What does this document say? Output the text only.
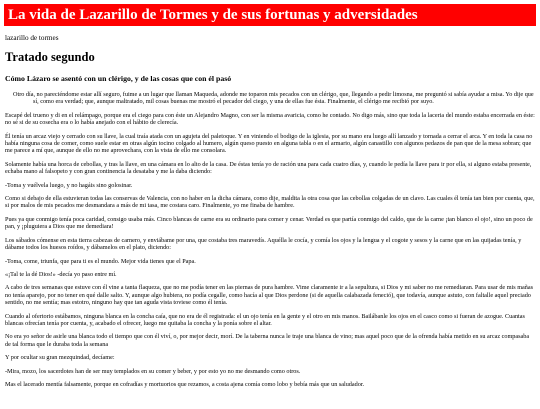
La vida de Lazarillo de Tormes y de sus fortunas y adversidades
lazarillo de tormes
Tratado segundo
Cómo Lázaro se asentó con un clérigo, y de las cosas que con él pasó

Otro día, no pareciéndome estar allí seguro, fuime a un lugar que llaman Maqueda, adonde me toparon mis pecados con un clérigo, que, llegando a pedir limosna, me preguntó si sabía ayudar a misa. Yo dije que sí, como era verdad; que, aunque maltratado, mil cosas buenas me mostró el pecador del ciego, y una de ellas fue ésta. Finalmente, el clérigo me recibió por suyo.

Escapé del trueno y di en el relámpago, porque era el ciego para con éste un Alejandro Magno, con ser la misma avaricia, como he contado. No digo más, sino que toda la laceria del mundo estaba encerrada en éste: no sé si de su cosecha era o lo había anejado con el hábito de clerecía.

Él tenía un arcaz viejo y cerrado con su llave, la cual traía atada con un agujeta del paletoque. Y en viniendo el bodigo de la iglesia, por su mano era luego allí lanzado y tornada a cerrar el arca. Y en toda la casa no había ninguna cosa de comer, como suele estar en otras algún tocino colgado al humero, algún queso puesto en alguna tabla o en el armario, algún canastillo con algunos pedazos de pan que de la mesa sobran; que me parece a mí que, aunque de ello no me aprovechara, con la vista de ello me consolara.

Solamente había una horca de cebollas, y tras la llave, en una cámara en lo alto de la casa. De éstas tenía yo de ración una para cada cuatro días, y, cuando le pedía la llave para ir por ella, si alguno estaba presente, echaba mano al falsopeto y con gran continencia la desataba y me la daba diciendo:

-Toma y vuélvela luego, y no hagáis sino golosinar.

Como si debajo de ella estuvieran todas las conservas de Valencia, con no haber en la dicha cámara, como dije, maldita la otra cosa que las cebollas colgadas de un clavo. Las cuales él tenía tan bien por cuenta, que, si por malos de mis pecados me desmandara a más de mi tasa, me costara caro. Finalmente, yo me finaba de hambre.

Pues ya que conmigo tenía poca caridad, consigo usaba más. Cinco blancas de carne era su ordinario para comer y cenar. Verdad es que partía conmigo del caldo, que de la carne ¡tan blanco el ojo!, sino un poco de pan, y ¡pluguiera a Dios que me demediara!

Los sábados cómense en esta tierra cabezas de carnero, y enviábame por una, que costaba tres maravedís. Aquélla le cocía, y comía los ojos y la lengua y el cogote y sesos y la carne que en las quijadas tenía, y dábame todos los huesos roídos, y dábamelos en el plato, diciendo:

-Toma, come, triunfa, que para ti es el mundo. Mejor vida tienes que el Papa.

«¡Tal te la dé Dios!» -decía yo paso entre mí.

A cabo de tres semanas que estuve con él vine a tanta flaqueza, que no me podía tener en las piernas de pura hambre. Vime claramente ir a la sepultura, si Dios y mi saber no me remediaran. Para usar de mis mañas no tenía aparejo, por no tener en qué dalle salto. Y, aunque algo hubiera, no podía cegalle, como hacía al que Dios perdone (si de aquella calabazada feneció), que todavía, aunque astuto, con faltalle aquel preciado sentido, no me sentía; mas estotro, ninguno hay que tan aguda vista toviese como él tenía.

Cuando al ofertorio estábamos, ninguna blanca en la concha caía, que no era de él registrada: el un ojo tenía en la gente y el otro en mis manos. Bailábanle los ojos en el casco como si fueran de azogue. Cuantas blancas ofrecían tenía por cuenta, y, acabado el ofrecer, luego me quitaba la concha y la ponía sobre el altar.

No era yo señor de asirle una blanca todo el tiempo que con él viví, o, por mejor decir, morí. De la taberna nunca le traje una blanca de vino; mas aquel poco que de la ofrenda había metido en su arcaz compasaba de tal forma que le duraba toda la semana

Y por ocultar su gran mezquindad, decíame:

-Mira, mozo, los sacerdotes han de ser muy templados en su comer y beber, y por esto yo no me desmando como otros.

Mas el lacerado mentía falsamente, porque en cofradías y mortuorios que rezamos, a costa ajena comía como lobo y bebía más que un saludador.
